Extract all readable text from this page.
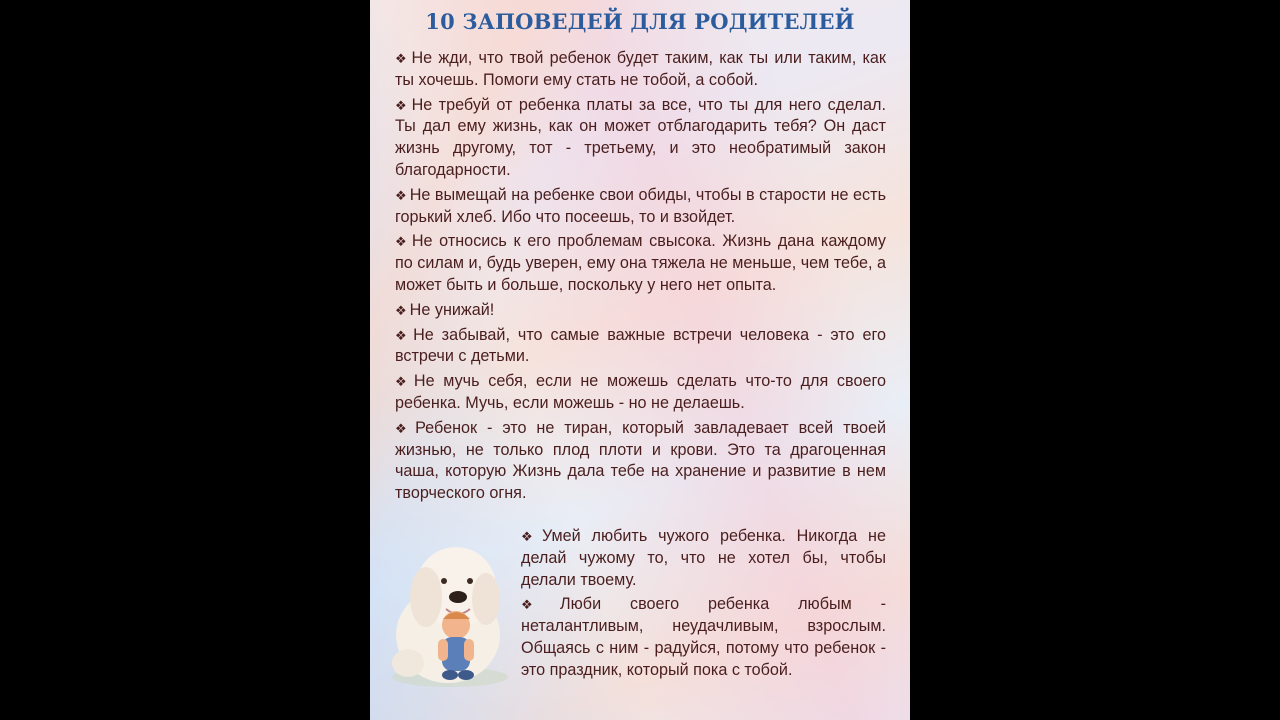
10 ЗАПОВЕДЕЙ ДЛЯ РОДИТЕЛЕЙ
❖ Не жди, что твой ребенок будет таким, как ты или таким, как ты хочешь. Помоги ему стать не тобой, а собой.
❖ Не требуй от ребенка платы за все, что ты для него сделал. Ты дал ему жизнь, как он может отблагодарить тебя? Он даст жизнь другому, тот - третьему, и это необратимый закон благодарности.
❖ Не вымещай на ребенке свои обиды, чтобы в старости не есть горький хлеб. Ибо что посеешь, то и взойдет.
❖ Не относись к его проблемам свысока. Жизнь дана каждому по силам и, будь уверен, ему она тяжела не меньше, чем тебе, а может быть и больше, поскольку у него нет опыта.
❖ Не унижай!
❖ Не забывай, что самые важные встречи человека - это его встречи с детьми.
❖ Не мучь себя, если не можешь сделать что-то для своего ребенка. Мучь, если можешь - но не делаешь.
❖ Ребенок - это не тиран, который завладевает всей твоей жизнью, не только плод плоти и крови. Это та драгоценная чаша, которую Жизнь дала тебе на хранение и развитие в нем творческого огня.
❖ Умей любить чужого ребенка. Никогда не делай чужому то, что не хотел бы, чтобы делали твоему.
❖ Люби своего ребенка любым - неталантливым, неудачливым, взрослым. Общаясь с ним - радуйся, потому что ребенок - это праздник, который пока с тобой.
